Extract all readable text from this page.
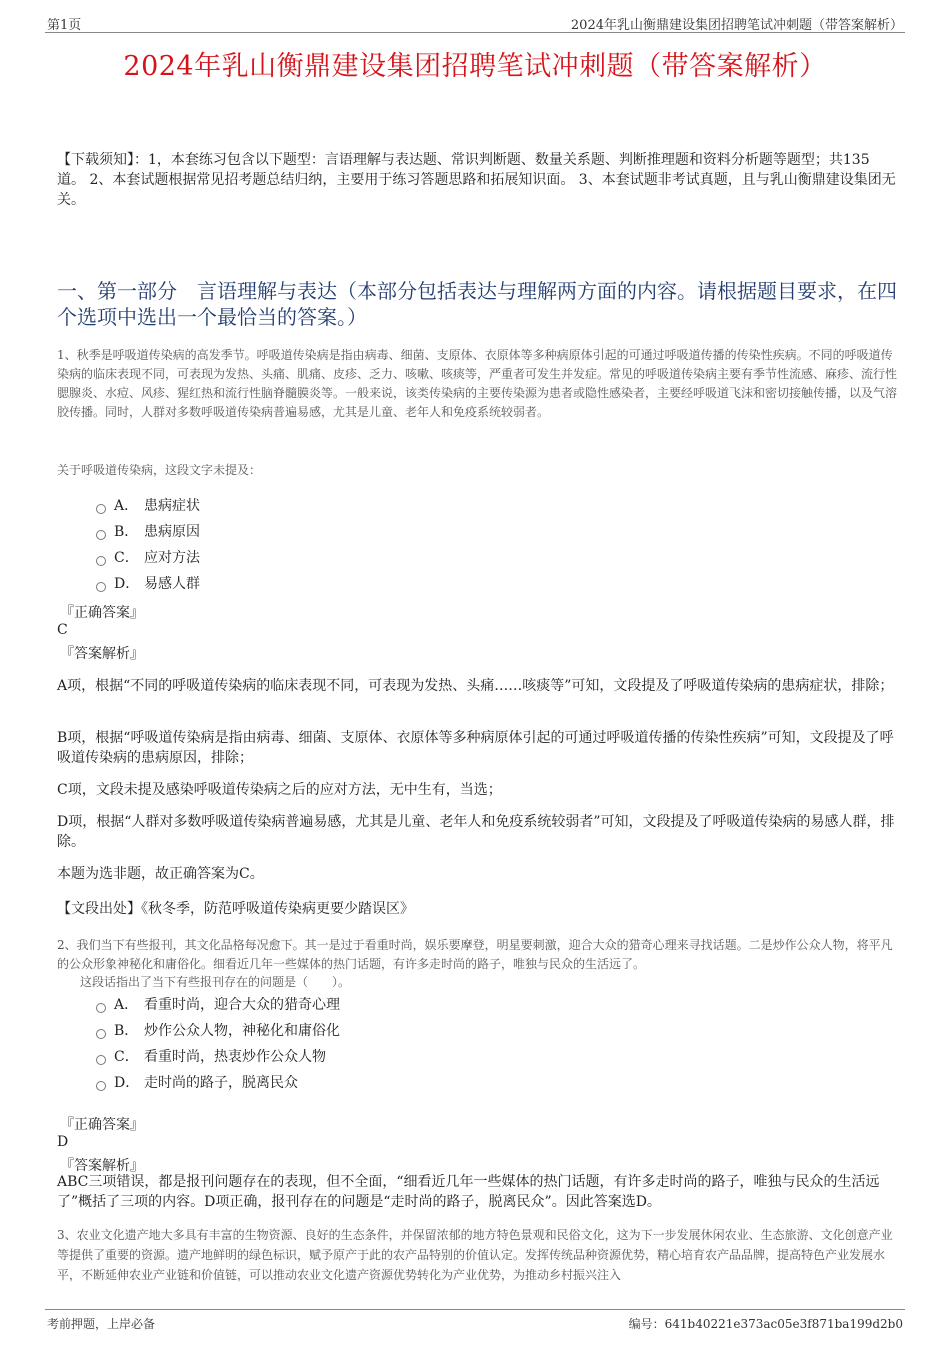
第1页	2024年乳山衡鼎建设集团招聘笔试冲刺题（带答案解析）
2024年乳山衡鼎建设集团招聘笔试冲刺题（带答案解析）
【下载须知】：1，本套练习包含以下题型：言语理解与表达题、常识判断题、数量关系题、判断推理题和资料分析题等题型；共135道。 2、本套试题根据常见招考题总结归纳，主要用于练习答题思路和拓展知识面。 3、本套试题非考试真题，且与乳山衡鼎建设集团无关。
一、第一部分　言语理解与表达（本部分包括表达与理解两方面的内容。请根据题目要求，在四个选项中选出一个最恰当的答案。）
1、秋季是呼吸道传染病的高发季节。呼吸道传染病是指由病毒、细菌、支原体、衣原体等多种病原体引起的可通过呼吸道传播的传染性疾病。不同的呼吸道传染病的临床表现不同，可表现为发热、头痛、肌痛、皮疹、乏力、咳嗽、咳痰等，严重者可发生并发症。常见的呼吸道传染病主要有季节性流感、麻疹、流行性腮腺炎、水痘、风疹、猩红热和流行性脑脊髓膜炎等。一般来说，该类传染病的主要传染源为患者或隐性感染者，主要经呼吸道飞沫和密切接触传播，以及气溶胶传播。同时，人群对多数呼吸道传染病普遍易感，尤其是儿童、老年人和免疫系统较弱者。
关于呼吸道传染病，这段文字未提及：
A． 患病症状
B． 患病原因
C． 应对方法
D． 易感人群
『正确答案』
C
『答案解析』
A项，根据“不同的呼吸道传染病的临床表现不同，可表现为发热、头痛……咳痰等”可知，文段提及了呼吸道传染病的患病症状，排除；
B项，根据“呼吸道传染病是指由病毒、细菌、支原体、衣原体等多种病原体引起的可通过呼吸道传播的传染性疾病”可知，文段提及了呼吸道传染病的患病原因，排除；
C项，文段未提及感染呼吸道传染病之后的应对方法，无中生有，当选；
D项，根据“人群对多数呼吸道传染病普遍易感，尤其是儿童、老年人和免疫系统较弱者”可知，文段提及了呼吸道传染病的易感人群，排除。
本题为选非题，故正确答案为C。
【文段出处】《秋冬季，防范呼吸道传染病更要少踏误区》
2、我们当下有些报刊，其文化品格每况愈下。其一是过于看重时尚，娱乐要摩登，明星要刺激，迎合大众的猎奇心理来寻找话题。二是炒作公众人物，将平凡的公众形象神秘化和庸俗化。细看近几年一些媒体的热门话题，有许多走时尚的路子，唯独与民众的生活远了。
这段话指出了当下有些报刊存在的问题是（　　）。
A． 看重时尚，迎合大众的猎奇心理
B． 炒作公众人物，神秘化和庸俗化
C． 看重时尚，热衷炒作公众人物
D． 走时尚的路子，脱离民众
『正确答案』
D
『答案解析』
ABC三项错误，都是报刊问题存在的表现，但不全面，“细看近几年一些媒体的热门话题，有许多走时尚的路子，唯独与民众的生活远了”概括了三项的内容。D项正确，报刊存在的问题是“走时尚的路子，脱离民众”。因此答案选D。
3、农业文化遗产地大多具有丰富的生物资源、良好的生态条件，并保留浓郁的地方特色景观和民俗文化，这为下一步发展休闲农业、生态旅游、文化创意产业等提供了重要的资源。遗产地鲜明的绿色标识，赋予原产于此的农产品特别的价值认定。发挥传统品种资源优势，精心培育农产品品牌，提高特色产业发展水平，不断延伸农业产业链和价值链，可以推动农业文化遗产资源优势转化为产业优势，为推动乡村振兴注入
考前押题，上岸必备	编号：641b40221e373ac05e3f871ba199d2b0
